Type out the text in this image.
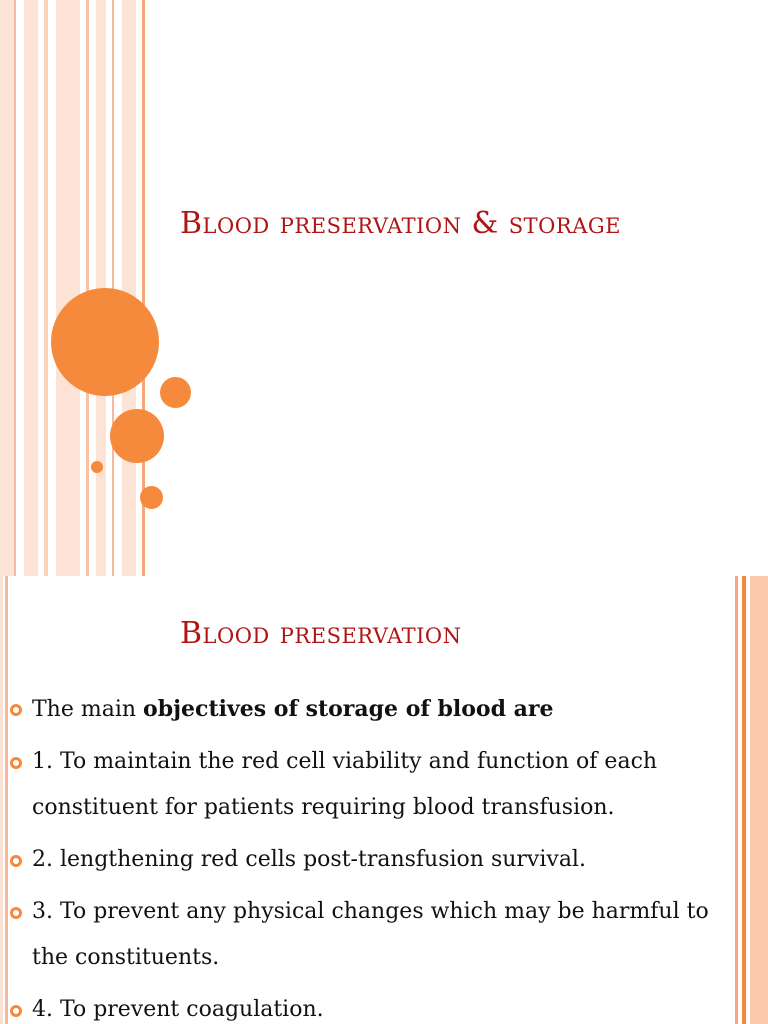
Blood preservation & storage
Blood preservation
The main objectives of storage of blood are
1. To maintain the red cell viability and function of each constituent for patients requiring blood transfusion.
2. lengthening red cells post-transfusion survival.
3. To prevent any physical changes which may be harmful to the constituents.
4. To prevent coagulation.
